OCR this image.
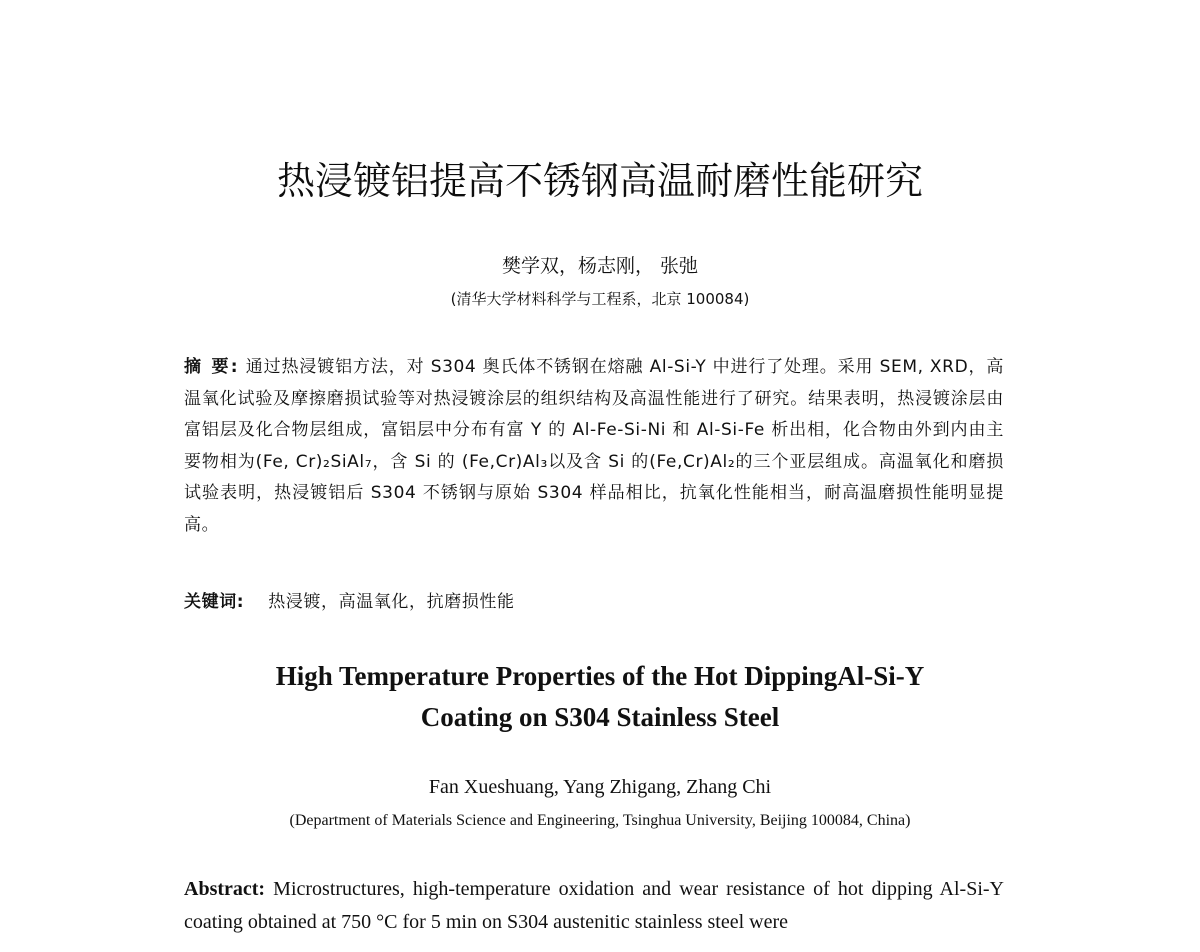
热浸镀铝提高不锈钢高温耐磨性能研究
樊学双，杨志刚， 张弛
(清华大学材料科学与工程系，北京 100084)
摘 要: 通过热浸镀铝方法，对 S304 奥氏体不锈钢在熔融 Al-Si-Y 中进行了处理。采用 SEM, XRD，高温氧化试验及摩擦磨损试验等对热浸镀涂层的组织结构及高温性能进行了研究。结果表明，热浸镀涂层由富铝层及化合物层组成，富铝层中分布有富 Y 的 Al-Fe-Si-Ni 和 Al-Si-Fe 析出相，化合物由外到内由主要物相为(Fe, Cr)₂SiAl₇，含 Si 的 (Fe,Cr)Al₃以及含 Si 的(Fe,Cr)Al₂的三个亚层组成。高温氧化和磨损试验表明，热浸镀铝后 S304 不锈钢与原始 S304 样品相比，抗氧化性能相当，耐高温磨损性能明显提高。
关键词: 热浸镀，高温氧化，抗磨损性能
High Temperature Properties of the Hot DippingAl-Si-Y
Coating on S304 Stainless Steel
Fan Xueshuang, Yang Zhigang, Zhang Chi
(Department of Materials Science and Engineering, Tsinghua University, Beijing 100084, China)
Abstract: Microstructures, high-temperature oxidation and wear resistance of hot dipping Al-Si-Y coating obtained at 750 °C for 5 min on S304 austenitic stainless steel were
